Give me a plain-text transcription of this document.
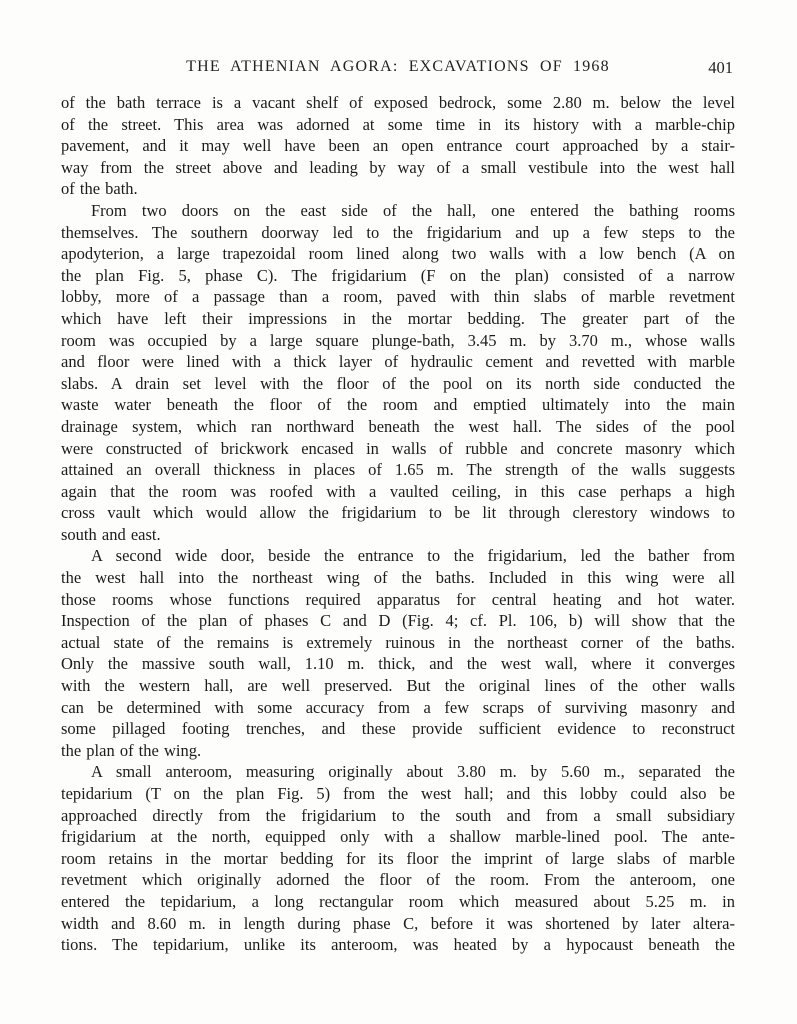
THE ATHENIAN AGORA: EXCAVATIONS OF 1968	401
of the bath terrace is a vacant shelf of exposed bedrock, some 2.80 m. below the level
of the street. This area was adorned at some time in its history with a marble-chip
pavement, and it may well have been an open entrance court approached by a stair-
way from the street above and leading by way of a small vestibule into the west hall
of the bath.
From two doors on the east side of the hall, one entered the bathing rooms
themselves. The southern doorway led to the frigidarium and up a few steps to the
apodyterion, a large trapezoidal room lined along two walls with a low bench (A on
the plan Fig. 5, phase C). The frigidarium (F on the plan) consisted of a narrow
lobby, more of a passage than a room, paved with thin slabs of marble revetment
which have left their impressions in the mortar bedding. The greater part of the
room was occupied by a large square plunge-bath, 3.45 m. by 3.70 m., whose walls
and floor were lined with a thick layer of hydraulic cement and revetted with marble
slabs. A drain set level with the floor of the pool on its north side conducted the
waste water beneath the floor of the room and emptied ultimately into the main
drainage system, which ran northward beneath the west hall. The sides of the pool
were constructed of brickwork encased in walls of rubble and concrete masonry which
attained an overall thickness in places of 1.65 m. The strength of the walls suggests
again that the room was roofed with a vaulted ceiling, in this case perhaps a high
cross vault which would allow the frigidarium to be lit through clerestory windows to
south and east.
A second wide door, beside the entrance to the frigidarium, led the bather from
the west hall into the northeast wing of the baths. Included in this wing were all
those rooms whose functions required apparatus for central heating and hot water.
Inspection of the plan of phases C and D (Fig. 4; cf. Pl. 106, b) will show that the
actual state of the remains is extremely ruinous in the northeast corner of the baths.
Only the massive south wall, 1.10 m. thick, and the west wall, where it converges
with the western hall, are well preserved. But the original lines of the other walls
can be determined with some accuracy from a few scraps of surviving masonry and
some pillaged footing trenches, and these provide sufficient evidence to reconstruct
the plan of the wing.
A small anteroom, measuring originally about 3.80 m. by 5.60 m., separated the
tepidarium (T on the plan Fig. 5) from the west hall; and this lobby could also be
approached directly from the frigidarium to the south and from a small subsidiary
frigidarium at the north, equipped only with a shallow marble-lined pool. The ante-
room retains in the mortar bedding for its floor the imprint of large slabs of marble
revetment which originally adorned the floor of the room. From the anteroom, one
entered the tepidarium, a long rectangular room which measured about 5.25 m. in
width and 8.60 m. in length during phase C, before it was shortened by later altera-
tions. The tepidarium, unlike its anteroom, was heated by a hypocaust beneath the
